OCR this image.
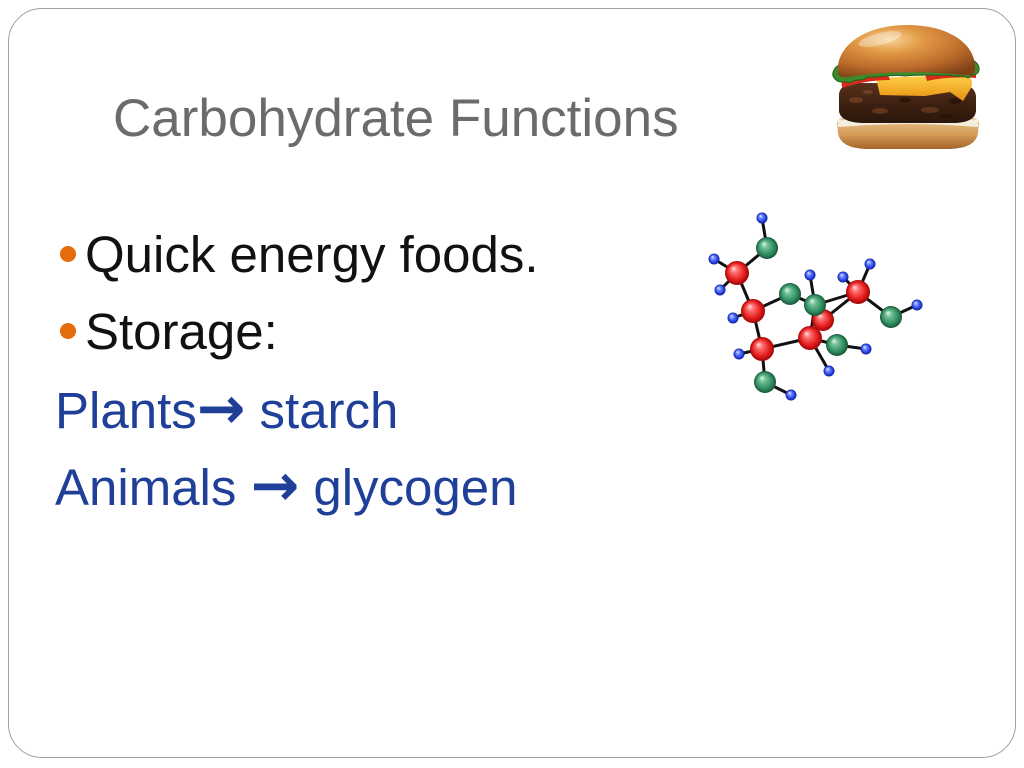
Carbohydrate Functions
Quick energy foods.
Storage:
Plants→ starch
Animals → glycogen
